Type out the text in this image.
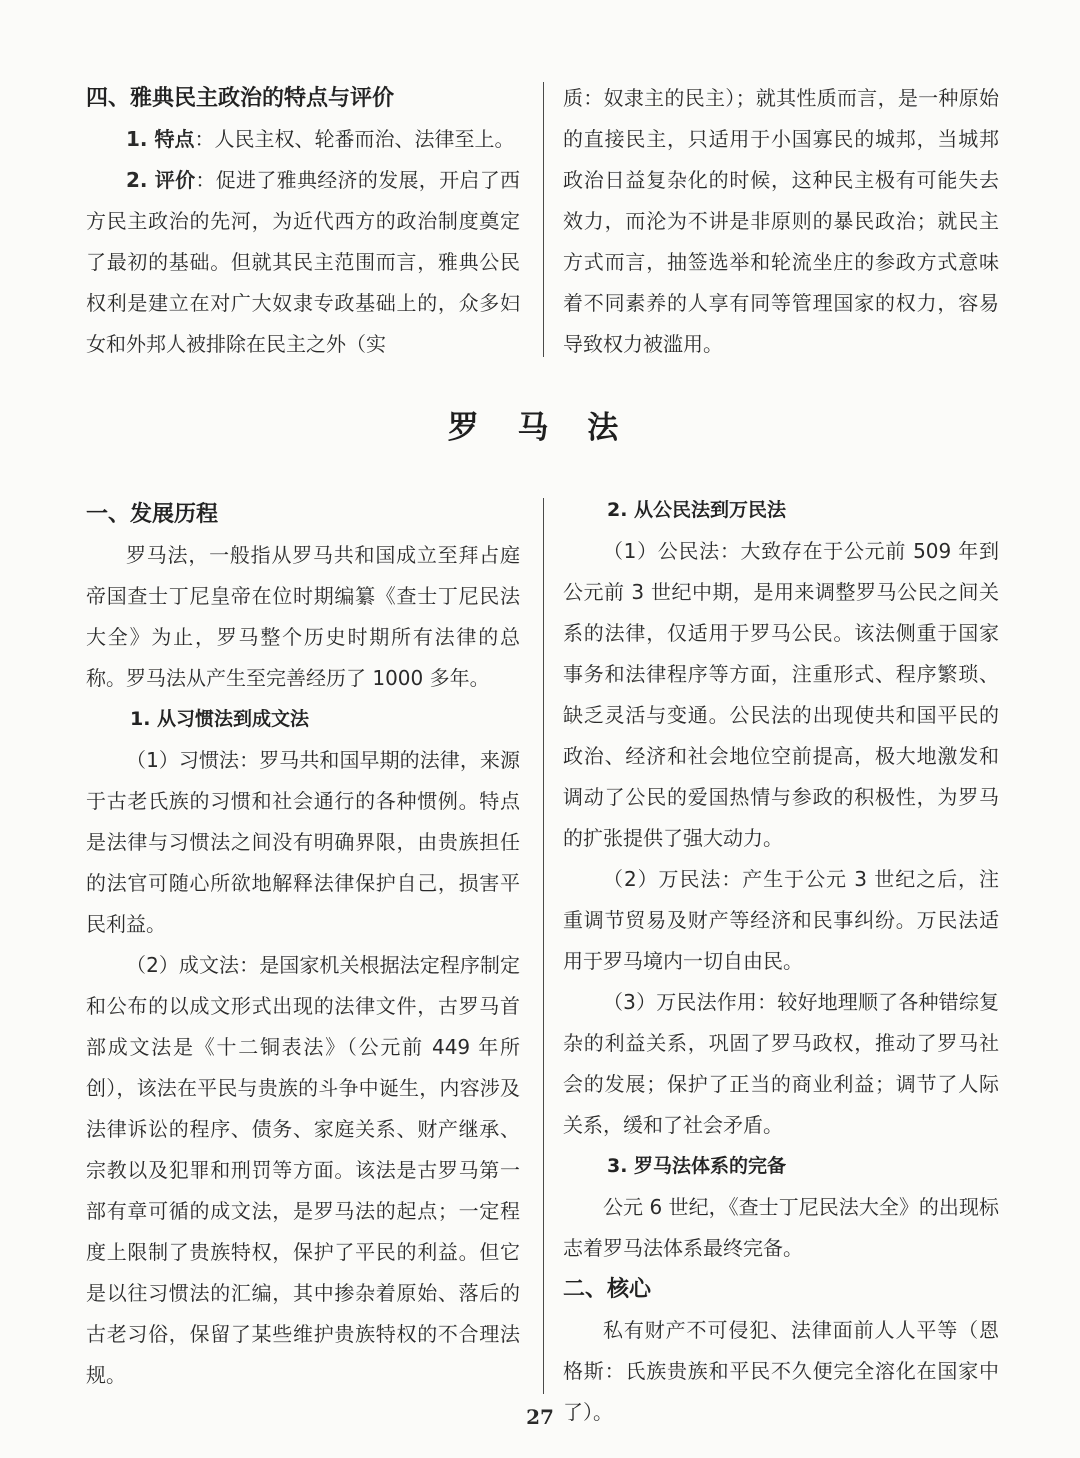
四、雅典民主政治的特点与评价

1. 特点：人民主权、轮番而治、法律至上。

2. 评价：促进了雅典经济的发展，开启了西方民主政治的先河，为近代西方的政治制度奠定了最初的基础。但就其民主范围而言，雅典公民权利是建立在对广大奴隶专政基础上的，众多妇女和外邦人被排除在民主之外（实

质：奴隶主的民主）；就其性质而言，是一种原始的直接民主，只适用于小国寡民的城邦，当城邦政治日益复杂化的时候，这种民主极有可能失去效力，而沦为不讲是非原则的暴民政治；就民主方式而言，抽签选举和轮流坐庄的参政方式意味着不同素养的人享有同等管理国家的权力，容易导致权力被滥用。

罗 马 法

一、发展历程

罗马法，一般指从罗马共和国成立至拜占庭帝国查士丁尼皇帝在位时期编纂《查士丁尼民法大全》为止，罗马整个历史时期所有法律的总称。罗马法从产生至完善经历了 1000 多年。

1. 从习惯法到成文法

（1）习惯法：罗马共和国早期的法律，来源于古老氏族的习惯和社会通行的各种惯例。特点是法律与习惯法之间没有明确界限，由贵族担任的法官可随心所欲地解释法律保护自己，损害平民利益。

（2）成文法：是国家机关根据法定程序制定和公布的以成文形式出现的法律文件，古罗马首部成文法是《十二铜表法》（公元前 449 年所创），该法在平民与贵族的斗争中诞生，内容涉及法律诉讼的程序、债务、家庭关系、财产继承、宗教以及犯罪和刑罚等方面。该法是古罗马第一部有章可循的成文法，是罗马法的起点；一定程度上限制了贵族特权，保护了平民的利益。但它是以往习惯法的汇编，其中掺杂着原始、落后的古老习俗，保留了某些维护贵族特权的不合理法规。

2. 从公民法到万民法

（1）公民法：大致存在于公元前 509 年到公元前 3 世纪中期，是用来调整罗马公民之间关系的法律，仅适用于罗马公民。该法侧重于国家事务和法律程序等方面，注重形式、程序繁琐、缺乏灵活与变通。公民法的出现使共和国平民的政治、经济和社会地位空前提高，极大地激发和调动了公民的爱国热情与参政的积极性，为罗马的扩张提供了强大动力。

（2）万民法：产生于公元 3 世纪之后，注重调节贸易及财产等经济和民事纠纷。万民法适用于罗马境内一切自由民。

（3）万民法作用：较好地理顺了各种错综复杂的利益关系，巩固了罗马政权，推动了罗马社会的发展；保护了正当的商业利益；调节了人际关系，缓和了社会矛盾。

3. 罗马法体系的完备

公元 6 世纪，《查士丁尼民法大全》的出现标志着罗马法体系最终完备。

二、核心

私有财产不可侵犯、法律面前人人平等（恩格斯：氏族贵族和平民不久便完全溶化在国家中了）。

27
